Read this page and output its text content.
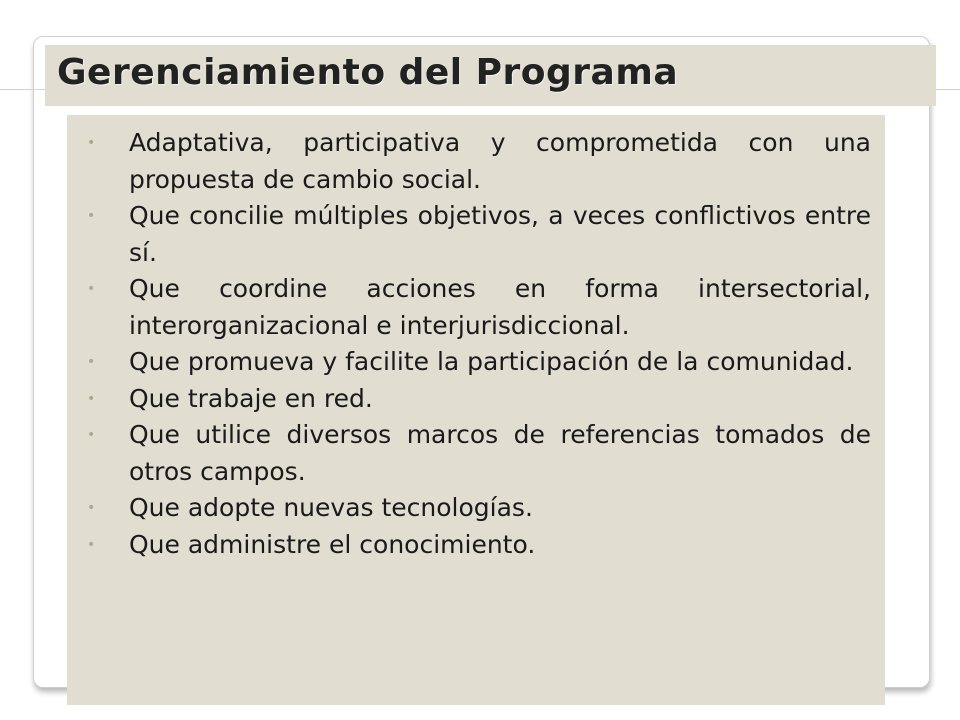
Gerenciamiento del Programa
• Adaptativa, participativa y comprometida con una propuesta de cambio social.
• Que concilie múltiples objetivos, a veces conflictivos entre sí.
• Que coordine acciones en forma intersectorial, interorganizacional e interjurisdiccional.
• Que promueva y facilite la participación de la comunidad.
• Que trabaje en red.
• Que utilice diversos marcos de referencias tomados de otros campos.
• Que adopte nuevas tecnologías.
• Que administre el conocimiento.
